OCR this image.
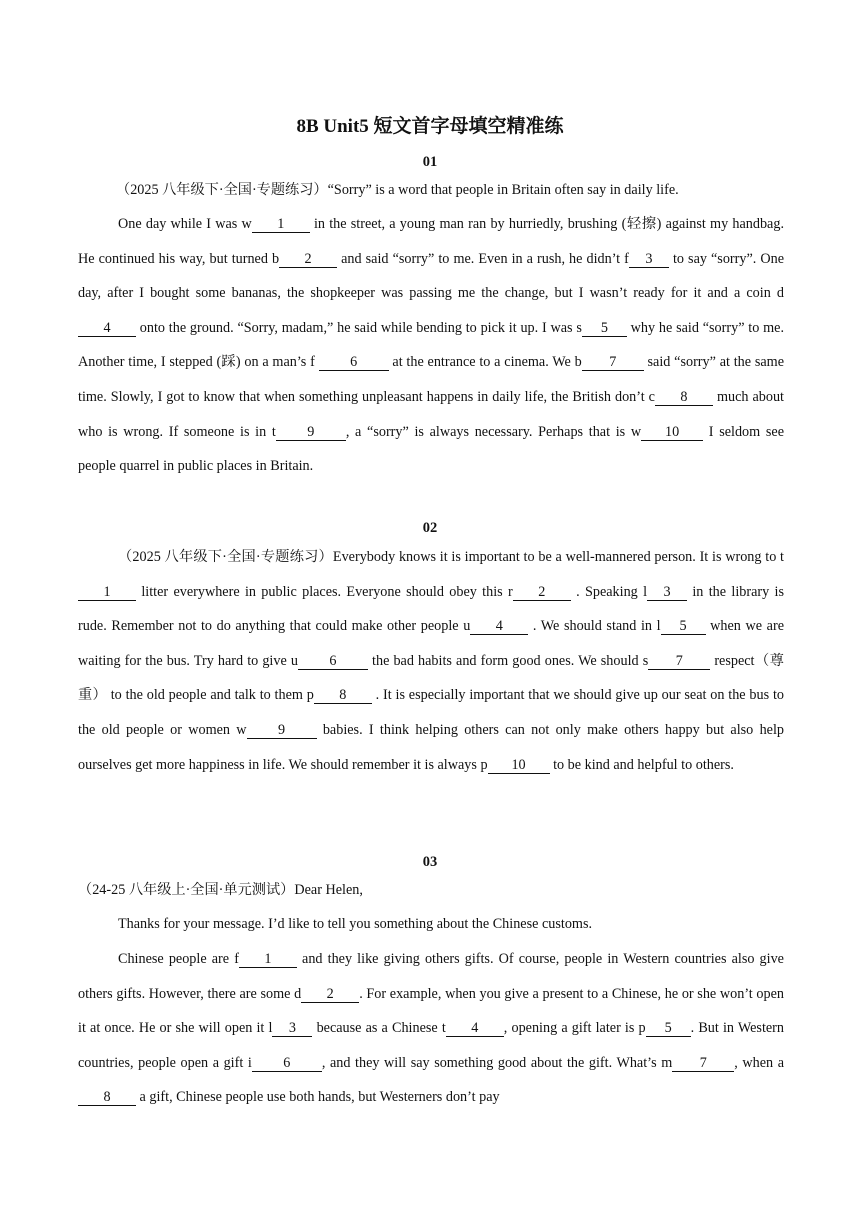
8B Unit5 短文首字母填空精准练
01
（2025 八年级下·全国·专题练习）“Sorry” is a word that people in Britain often say in daily life.

One day while I was w 1 in the street, a young man ran by hurriedly, brushing (轻擦) against my handbag. He continued his way, but turned b 2 and said “sorry” to me. Even in a rush, he didn’t f 3 to say “sorry”. One day, after I bought some bananas, the shopkeeper was passing me the change, but I wasn’t ready for it and a coin d4 onto the ground. “Sorry, madam,” he said while bending to pick it up. I was s 5 why he said “sorry” to me. Another time, I stepped (踩) on a man’s f 6 at the entrance to a cinema. We b 7 said “sorry” at the same time. Slowly, I got to know that when something unpleasant happens in daily life, the British don’t c 8 much about who is wrong. If someone is in t 9 , a “sorry” is always necessary. Perhaps that is w 10 I seldom see people quarrel in public places in Britain.

02

（2025 八年级下·全国·专题练习）Everybody knows it is important to be a well-mannered person. It is wrong to t1 litter everywhere in public places. Everyone should obey this r 2 . Speaking l 3 in the library is rude. Remember not to do anything that could make other people u 4 . We should stand in l 5 when we are waiting for the bus. Try hard to give u 6 the bad habits and form good ones. We should s 7 respect（尊重） to the old people and talk to them p 8 . It is especially important that we should give up our seat on the bus to the old people or women w 9 babies. I think helping others can not only make others happy but also help ourselves get more happiness in life. We should remember it is always p 10 to be kind and helpful to others.

03
（24-25 八年级上·全国·单元测试）Dear Helen,
Thanks for your message. I’d like to tell you something about the Chinese customs.

Chinese people are f 1 and they like giving others gifts. Of course, people in Western countries also give others gifts. However, there are some d 2 . For example, when you give a present to a Chinese, he or she won’t open it at once. He or she will open it l 3 because as a Chinese t 4 , opening a gift later is p 5 . But in Western countries, people open a gift i 6 , and they will say something good about the gift. What’s m 7 , when a8 a gift, Chinese people use both hands, but Westerners don’t pay
